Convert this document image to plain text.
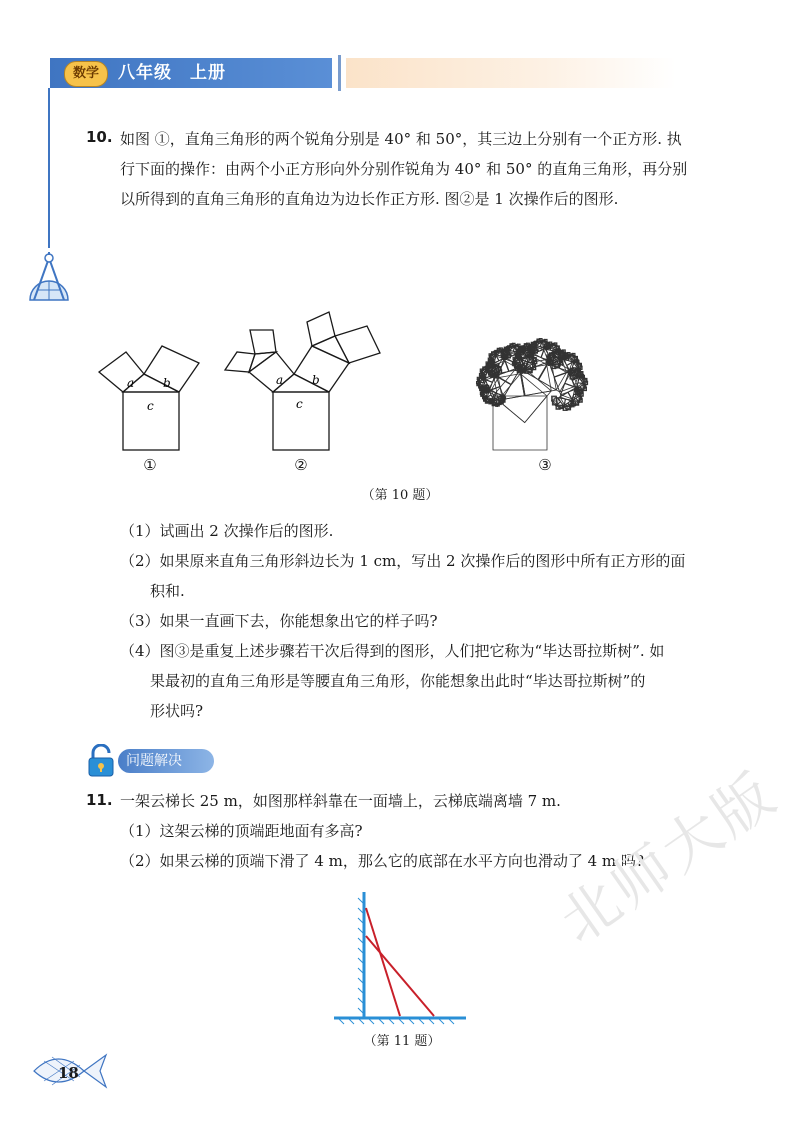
数学	八年级　上册
10. 如图 ①，直角三角形的两个锐角分别是 40° 和 50°，其三边上分别有一个正方形. 执
行下面的操作：由两个小正方形向外分别作锐角为 40° 和 50° 的直角三角形，再分别
以所得到的直角三角形的直角边为边长作正方形. 图②是 1 次操作后的图形.
a b
c
①
a b
c
②	③
（第 10 题）
（1）试画出 2 次操作后的图形.
（2）如果原来直角三角形斜边长为 1 cm，写出 2 次操作后的图形中所有正方形的面
积和.
（3）如果一直画下去，你能想象出它的样子吗?
（4）图③是重复上述步骤若干次后得到的图形，人们把它称为“毕达哥拉斯树”. 如
果最初的直角三角形是等腰直角三角形，你能想象出此时“毕达哥拉斯树”的
形状吗?
问题解决
11. 一架云梯长 25 m，如图那样斜靠在一面墙上，云梯底端离墙 7 m.
（1）这架云梯的顶端距地面有多高?
（2）如果云梯的顶端下滑了 4 m，那么它的底部在水平方向也滑动了 4 m 吗?
（第 11 题）
18
北师大版
